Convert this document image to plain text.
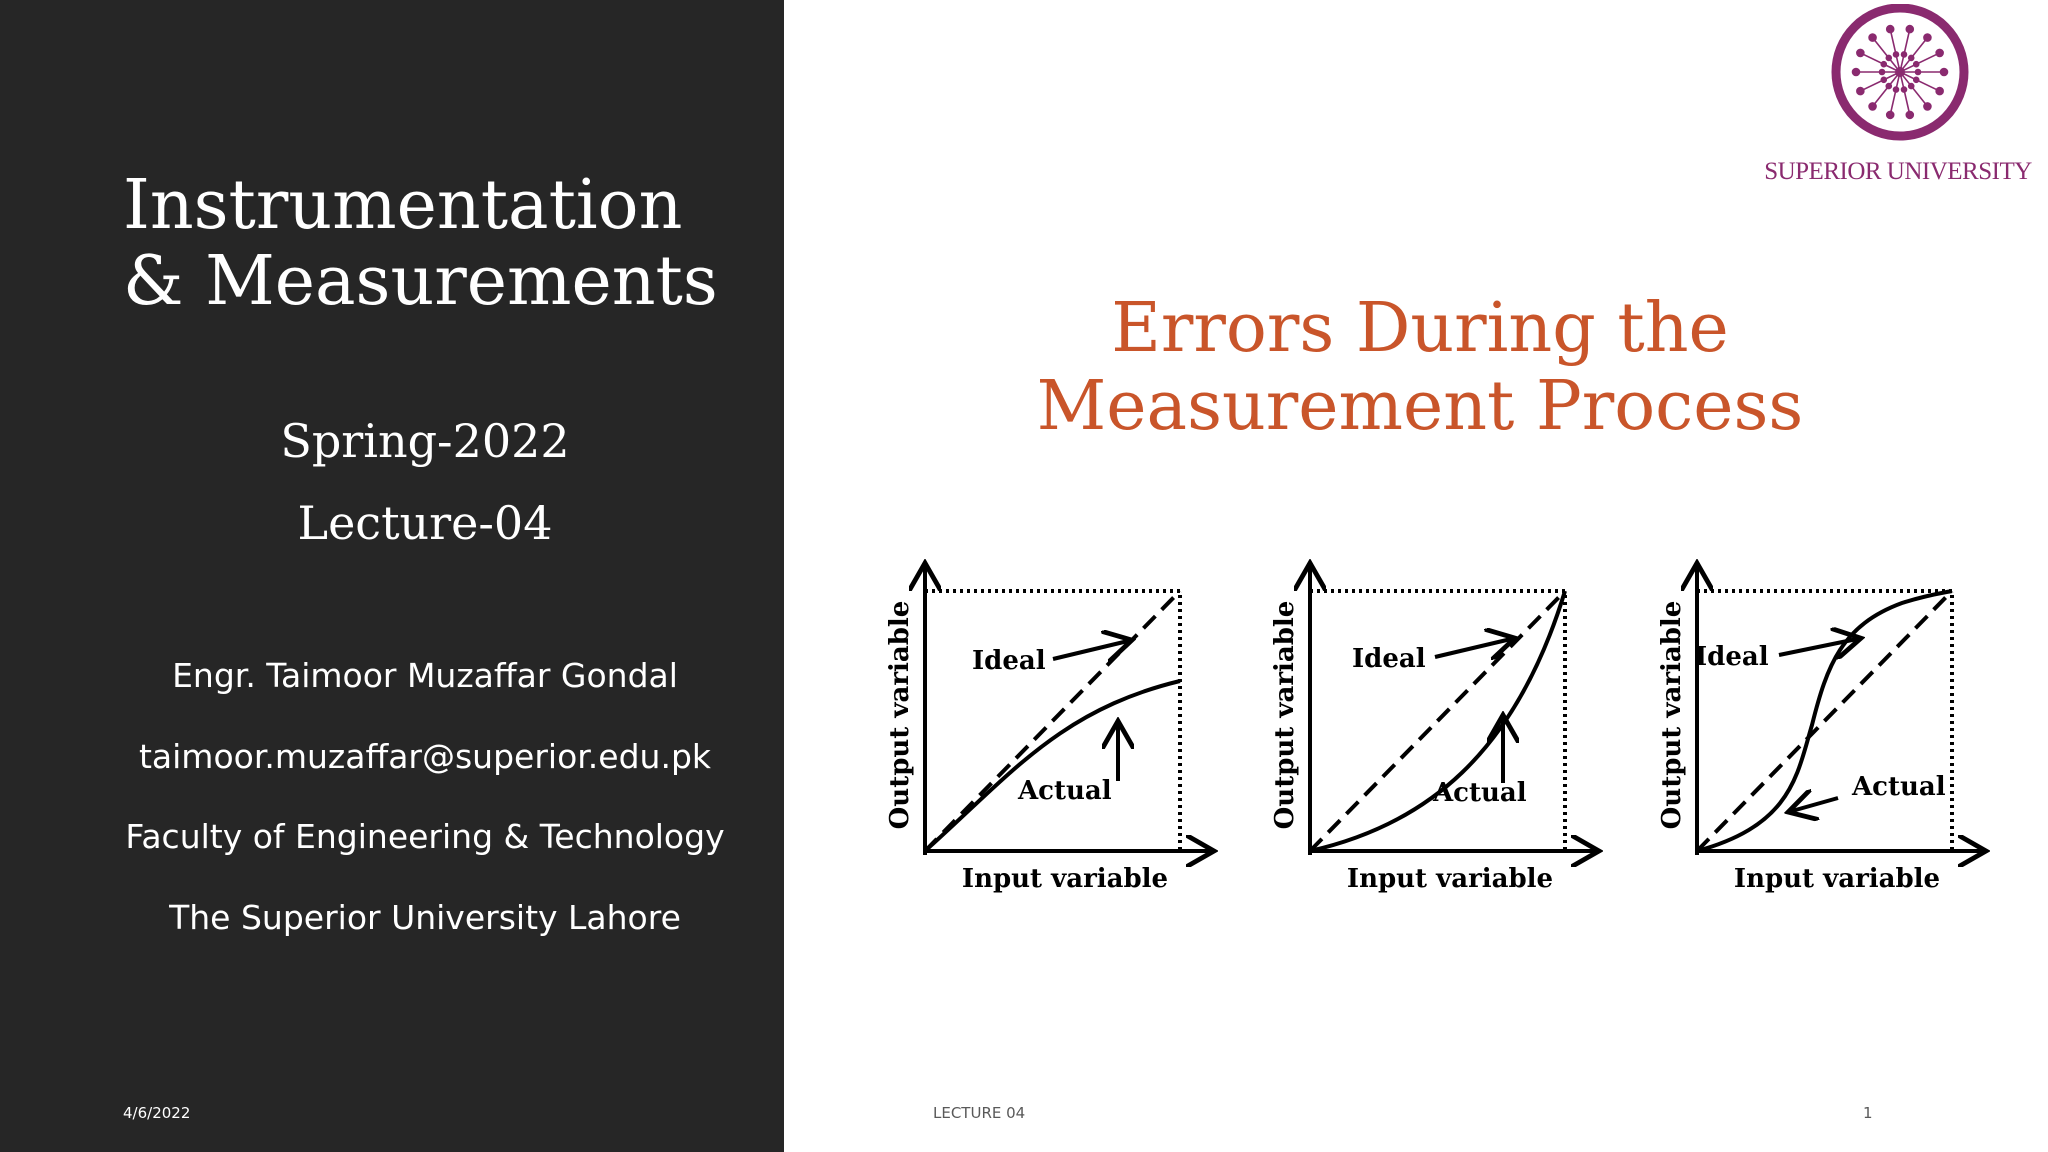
Instrumentation
& Measurements
Spring-2022
Lecture-04
Engr. Taimoor Muzaffar Gondal
taimoor.muzaffar@superior.edu.pk
Faculty of Engineering & Technology
The Superior University Lahore
4/6/2022
SUPERIOR UNIVERSITY
Errors During the
Measurement Process
Ideal
Actual
Input variable
Output variable	Ideal
Actual
Input variable
Output variable	Ideal
Actual
Input variable
Output variable
LECTURE 04	1
